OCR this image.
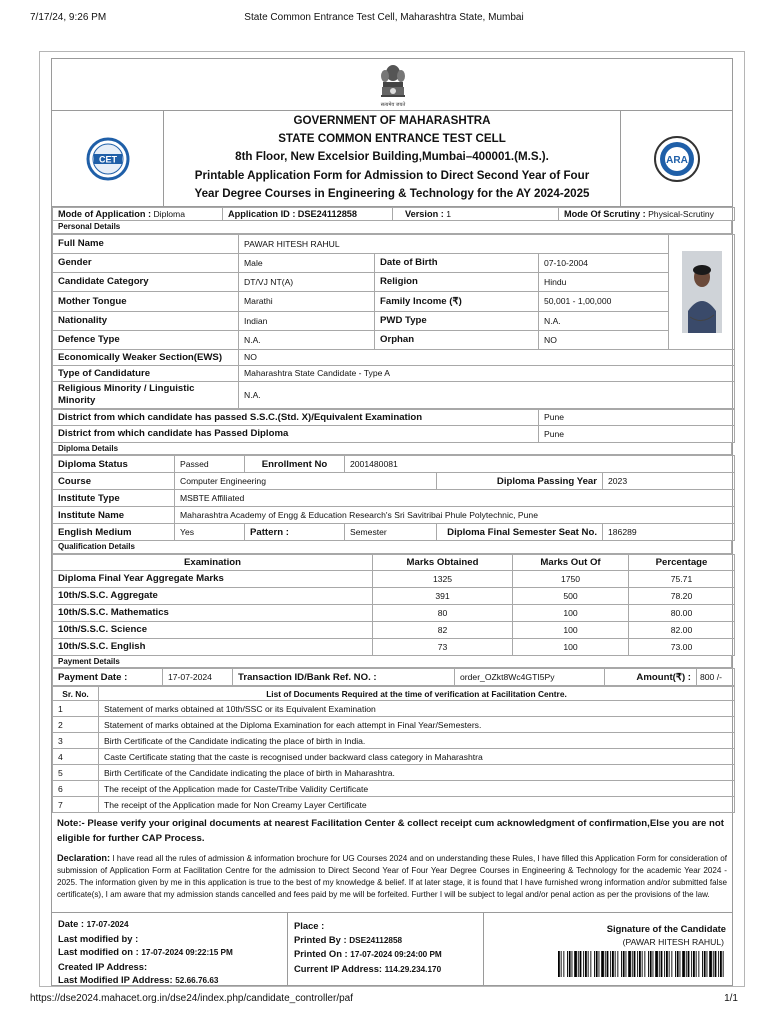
7/17/24, 9:26 PM	State Common Entrance Test Cell, Maharashtra State, Mumbai
सत्यमेव जयते
CET
GOVERNMENT OF MAHARASHTRA
STATE COMMON ENTRANCE TEST CELL
8th Floor, New Excelsior Building,Mumbai–400001.(M.S.).
Printable Application Form for Admission to Direct Second Year of Four
Year Degree Courses in Engineering & Technology for the AY 2024-2025
ARA
Mode of Application : Diploma	Application ID : DSE24112858	Version : 1	Mode Of Scrutiny : Physical-Scrutiny
Personal Details
Full Name	PAWAR HITESH RAHUL	

Gender	Male	Date of Birth	07-10-2004	
Candidate Category	DT/VJ NT(A)	Religion	Hindu	
Mother Tongue	Marathi	Family Income (₹)	50,001 - 1,00,000	
Nationality	Indian	PWD Type	N.A.	
Defence Type	N.A.	Orphan	NO	
Economically Weaker Section(EWS)	NO			
Type of Candidature	Maharashtra State Candidate - Type A			
Religious Minority / Linguistic Minority	N.A.			
District from which candidate has passed S.S.C.(Std. X)/Equivalent Examination	Pune
District from which candidate has Passed Diploma	Pune
Diploma Details
Diploma Status	Passed	Enrollment No	2001480081		
Course	Computer Engineering			Diploma Passing Year	2023
Institute Type	MSBTE Affiliated				
Institute Name	Maharashtra Academy of Engg & Education Research's Sri Savitribai Phule Polytechnic, Pune				
English Medium	Yes	Pattern :	Semester	Diploma Final Semester Seat No.	186289
Qualification Details
Examination	Marks Obtained	Marks Out Of	Percentage
Diploma Final Year Aggregate Marks	1325	1750	75.71
10th/S.S.C. Aggregate	391	500	78.20
10th/S.S.C. Mathematics	80	100	80.00
10th/S.S.C. Science	82	100	82.00
10th/S.S.C. English	73	100	73.00
Payment Details
Payment Date :	17-07-2024	Transaction ID/Bank Ref. NO. :	order_OZkt8Wc4GTI5Py	Amount(₹) :	800 /-
Sr. No.	List of Documents Required at the time of verification at Facilitation Centre.
1	Statement of marks obtained at 10th/SSC or its Equivalent Examination
2	Statement of marks obtained at the Diploma Examination for each attempt in Final Year/Semesters.
3	Birth Certificate of the Candidate indicating the place of birth in India.
4	Caste Certificate stating that the caste is recognised under backward class category in Maharashtra
5	Birth Certificate of the Candidate indicating the place of birth in Maharashtra.
6	The receipt of the Application made for Caste/Tribe Validity Certificate
7	The receipt of the Application made for Non Creamy Layer Certificate
Note:- Please verify your original documents at nearest Facilitation Center & collect receipt cum acknowledgment of confirmation,Else you are not eligible for further CAP Process.
Declaration: I have read all the rules of admission & information brochure for UG Courses 2024 and on understanding these Rules, I have filled this Application Form for consideration of submission of Application Form at Facilitation Centre for the admission to Direct Second Year of Four Year Degree Courses in Engineering & Technology for the academic Year 2024 - 2025. The information given by me in this application is true to the best of my knowledge & belief. If at later stage, it is found that I have furnished wrong information and/or submitted false certificate(s), I am aware that my admission stands cancelled and fees paid by me will be forfeited. Further I will be subject to legal and/or penal action as per the provisions of the law.
Date : 17-07-2024
Last modified by :
Last modified on : 17-07-2024 09:22:15 PM
Created IP Address:
Last Modified IP Address: 52.66.76.63
Place :
Printed By : DSE24112858
Printed On : 17-07-2024 09:24:00 PM
Current IP Address: 114.29.234.170
Signature of the Candidate
(PAWAR HITESH RAHUL)
https://dse2024.mahacet.org.in/dse24/index.php/candidate_controller/paf	1/1
